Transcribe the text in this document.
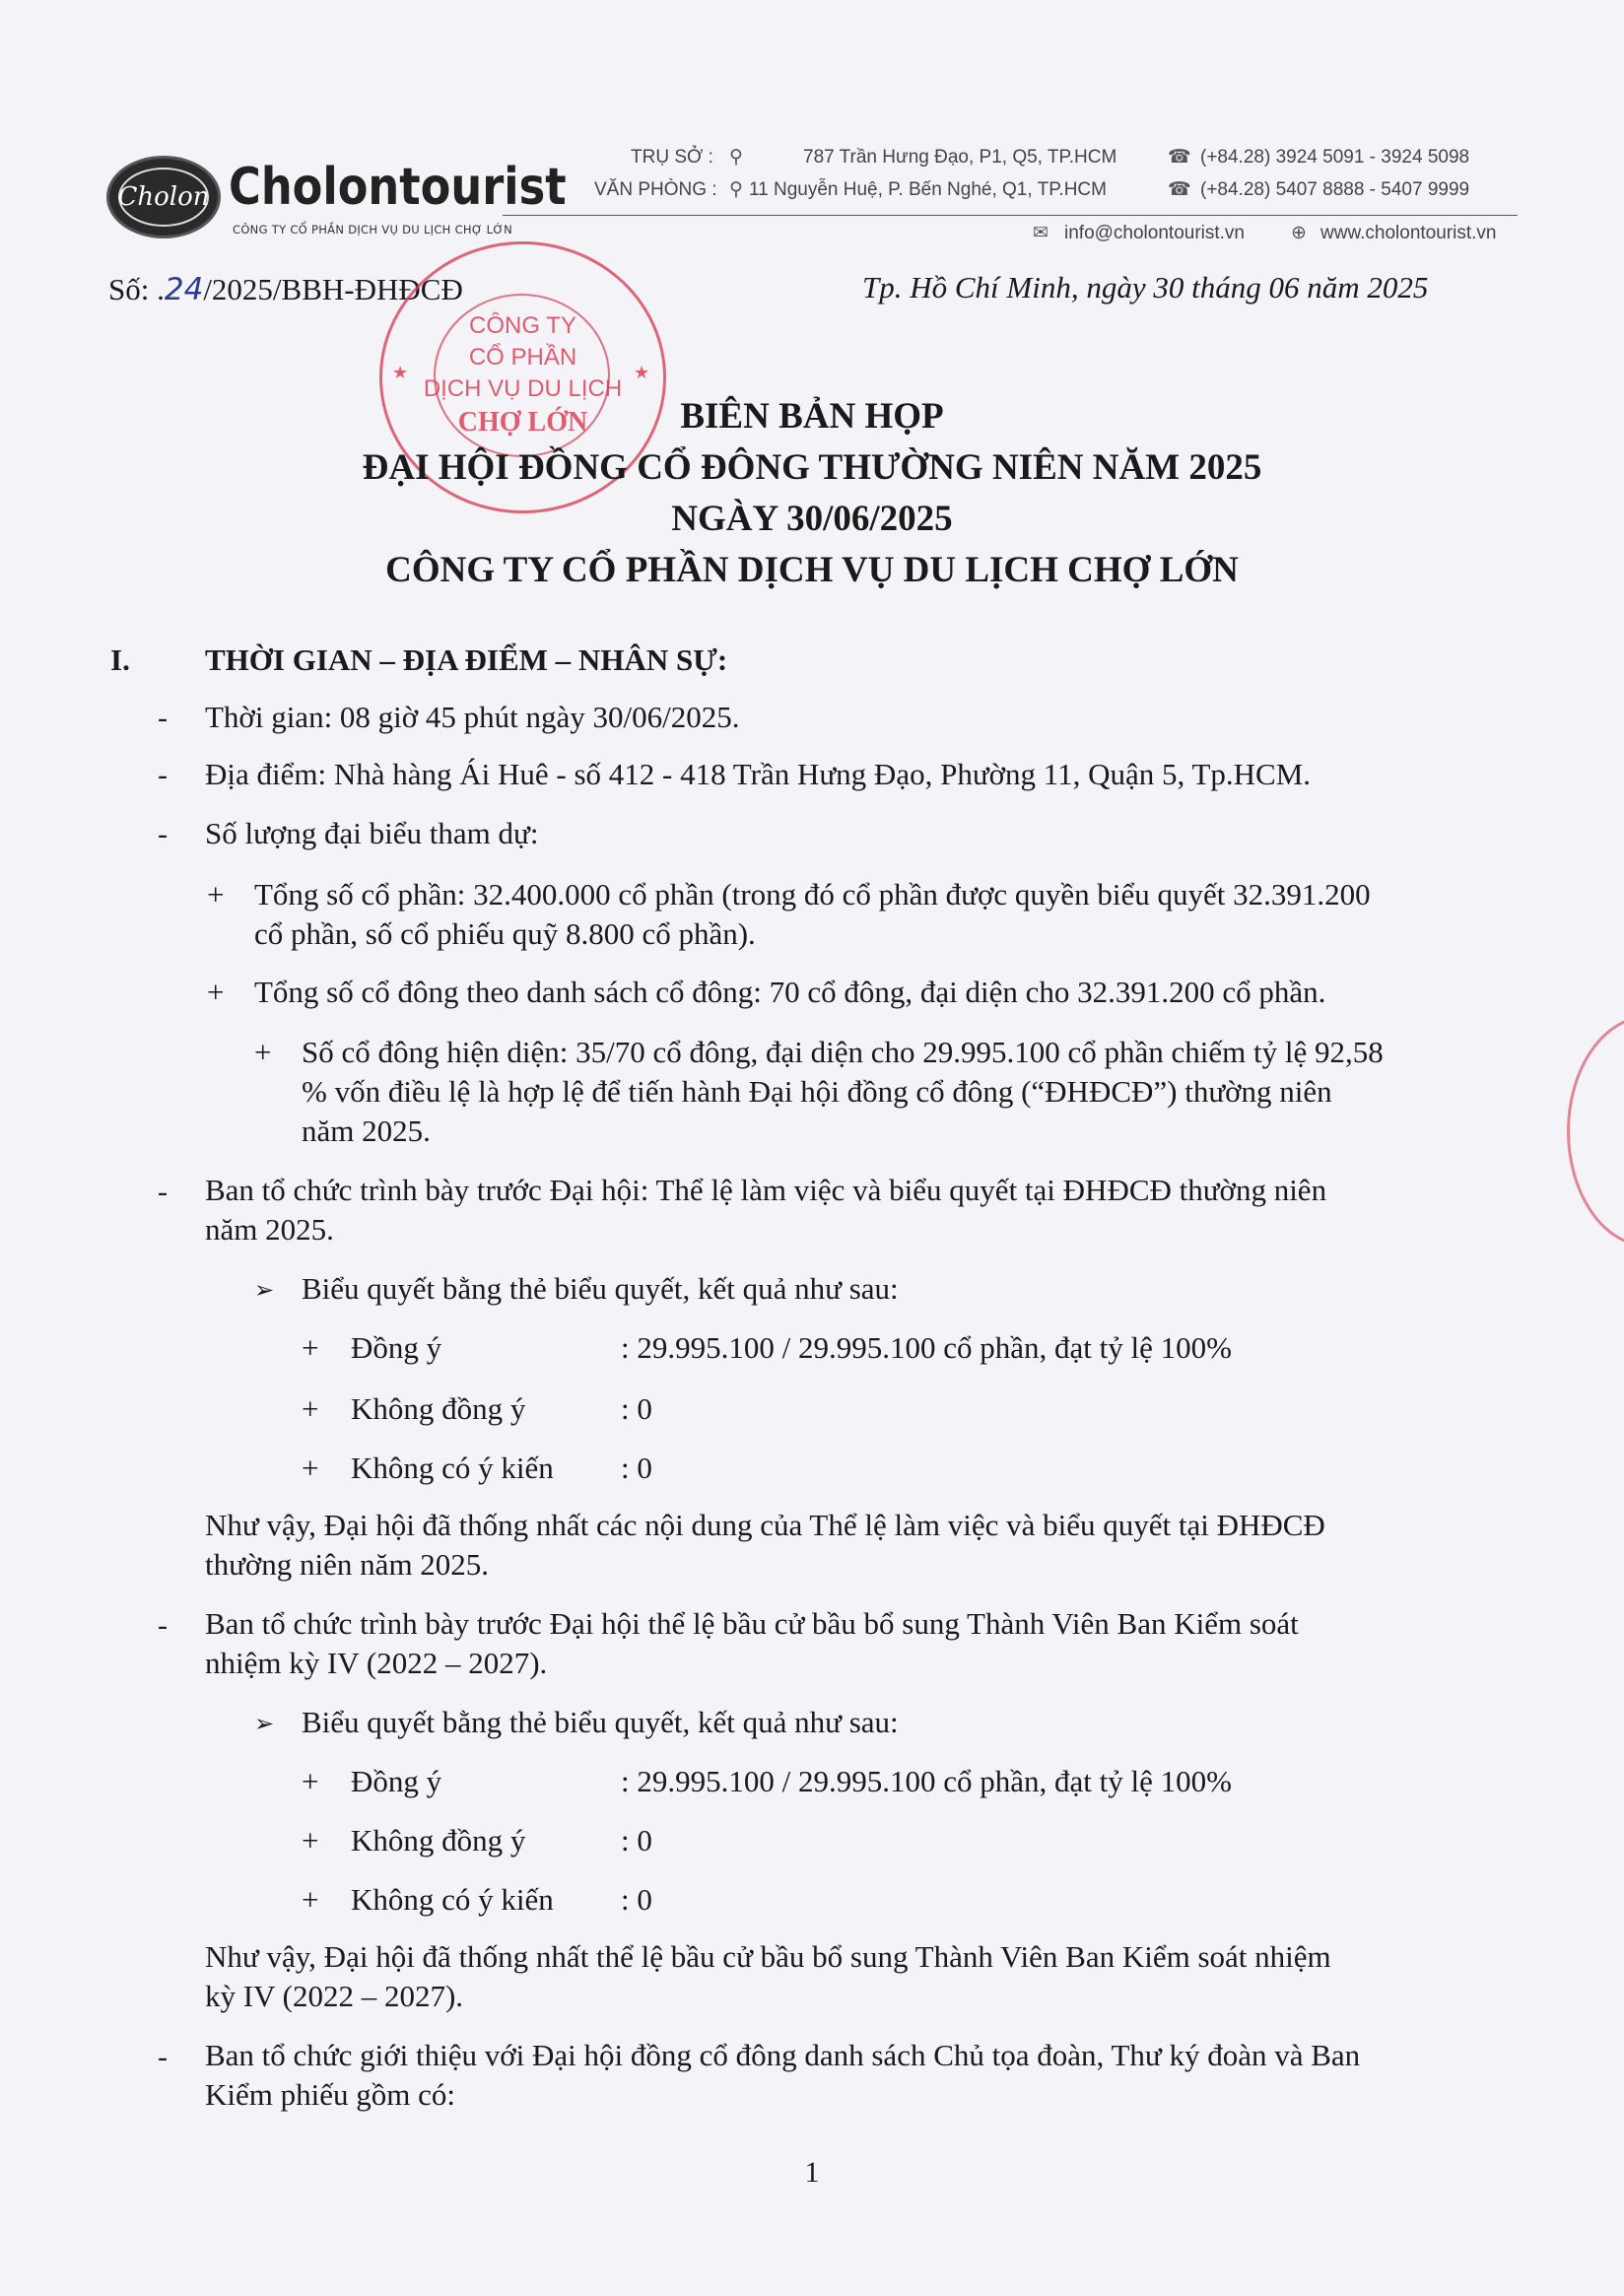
Cholon Cholontourist
CÔNG TY CỔ PHẦN DỊCH VỤ DU LỊCH CHỢ LỚN
TRỤ SỞ : ⚲	787 Trần Hưng Đạo, P1, Q5, TP.HCM	☎ (+84.28) 3924 5091 - 3924 5098
VĂN PHÒNG : ⚲ 11 Nguyễn Huệ, P. Bến Nghé, Q1, TP.HCM	☎ (+84.28) 5407 8888 - 5407 9999
✉ info@cholontourist.vn ⊕ www.cholontourist.vn
Số: .24/2025/BBH-ĐHĐCĐ	Tp. Hồ Chí Minh, ngày 30 tháng 06 năm 2025
CÔNG TY
CỔ PHẦN
DỊCH VỤ DU LỊCH
CHỢ LỚN
★	★
BIÊN BẢN HỌP
ĐẠI HỘI ĐỒNG CỔ ĐÔNG THƯỜNG NIÊN NĂM 2025
NGÀY 30/06/2025
CÔNG TY CỔ PHẦN DỊCH VỤ DU LỊCH CHỢ LỚN
I. THỜI GIAN – ĐỊA ĐIỂM – NHÂN SỰ:
- Thời gian: 08 giờ 45 phút ngày 30/06/2025.
- Địa điểm: Nhà hàng Ái Huê - số 412 - 418 Trần Hưng Đạo, Phường 11, Quận 5, Tp.HCM.
- Số lượng đại biểu tham dự:
+ Tổng số cổ phần: 32.400.000 cổ phần (trong đó cổ phần được quyền biểu quyết 32.391.200
cổ phần, số cổ phiếu quỹ 8.800 cổ phần).
+ Tổng số cổ đông theo danh sách cổ đông: 70 cổ đông, đại diện cho 32.391.200 cổ phần.
+ Số cổ đông hiện diện: 35/70 cổ đông, đại diện cho 29.995.100 cổ phần chiếm tỷ lệ 92,58
% vốn điều lệ là hợp lệ để tiến hành Đại hội đồng cổ đông (“ĐHĐCĐ”) thường niên
năm 2025.
- Ban tổ chức trình bày trước Đại hội: Thể lệ làm việc và biểu quyết tại ĐHĐCĐ thường niên
năm 2025.
➢ Biểu quyết bằng thẻ biểu quyết, kết quả như sau:
+ Đồng ý	: 29.995.100 / 29.995.100 cổ phần, đạt tỷ lệ 100%
+ Không đồng ý	: 0
+ Không có ý kiến : 0
Như vậy, Đại hội đã thống nhất các nội dung của Thể lệ làm việc và biểu quyết tại ĐHĐCĐ
thường niên năm 2025.
- Ban tổ chức trình bày trước Đại hội thể lệ bầu cử bầu bổ sung Thành Viên Ban Kiểm soát
nhiệm kỳ IV (2022 – 2027).
➢ Biểu quyết bằng thẻ biểu quyết, kết quả như sau:
+ Đồng ý	: 29.995.100 / 29.995.100 cổ phần, đạt tỷ lệ 100%
+ Không đồng ý	: 0
+ Không có ý kiến : 0
Như vậy, Đại hội đã thống nhất thể lệ bầu cử bầu bổ sung Thành Viên Ban Kiểm soát nhiệm
kỳ IV (2022 – 2027).
- Ban tổ chức giới thiệu với Đại hội đồng cổ đông danh sách Chủ tọa đoàn, Thư ký đoàn và Ban
Kiểm phiếu gồm có:
1
